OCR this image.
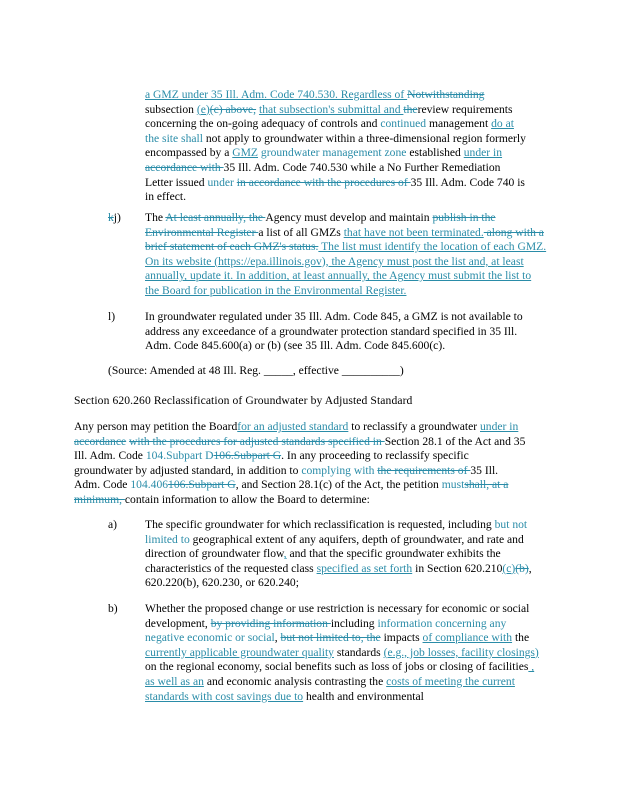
a GMZ under 35 Ill. Adm. Code 740.530. Regardless of Notwithstanding
subsection (e)(c) above, that subsection's submittal and thereview requirements
concerning the on-going adequacy of controls and continued management do at
the site shall not apply to groundwater within a three-dimensional region formerly
encompassed by a GMZ groundwater management zone established under in
accordance with 35 Ill. Adm. Code 740.530 while a No Further Remediation
Letter issued under in accordance with the procedures of 35 Ill. Adm. Code 740 is
in effect.
kj) The At least annually, the Agency must develop and maintain publish in the Environmental Register a list of all GMZs that have not been terminated. along with a brief statement of each GMZ's status. The list must identify the location of each GMZ. On its website (https://epa.illinois.gov), the Agency must post the list and, at least annually, update it. In addition, at least annually, the Agency must submit the list to the Board for publication in the Environmental Register.
l)	In groundwater regulated under 35 Ill. Adm. Code 845, a GMZ is not available to address any exceedance of a groundwater protection standard specified in 35 Ill. Adm. Code 845.600(a) or (b) (see 35 Ill. Adm. Code 845.600(c).
(Source: Amended at 48 Ill. Reg. _____, effective __________)
Section 620.260 Reclassification of Groundwater by Adjusted Standard
Any person may petition the Boardfor an adjusted standard to reclassify a groundwater under in
accordance with the procedures for adjusted standards specified in Section 28.1 of the Act and 35
Ill. Adm. Code 104.Subpart D106.Subpart G. In any proceeding to reclassify specific
groundwater by adjusted standard, in addition to complying with the requirements of 35 Ill.
Adm. Code 104.406106.Subpart G, and Section 28.1(c) of the Act, the petition mustshall, at a
minimum, contain information to allow the Board to determine:
a) The specific groundwater for which reclassification is requested, including but not limited to geographical extent of any aquifers, depth of groundwater, and rate and direction of groundwater flow, and that the specific groundwater exhibits the characteristics of the requested class specified as set forth in Section 620.210(c)(b), 620.220(b), 620.230, or 620.240;
b) Whether the proposed change or use restriction is necessary for economic or social development, by providing information including information concerning any negative economic or social, but not limited to, the impacts of compliance with the currently applicable groundwater quality standards (e.g., job losses, facility closings) on the regional economy, social benefits such as loss of jobs or closing of facilities , as well as an and economic analysis contrasting the costs of meeting the current standards with cost savings due to health and environmental
